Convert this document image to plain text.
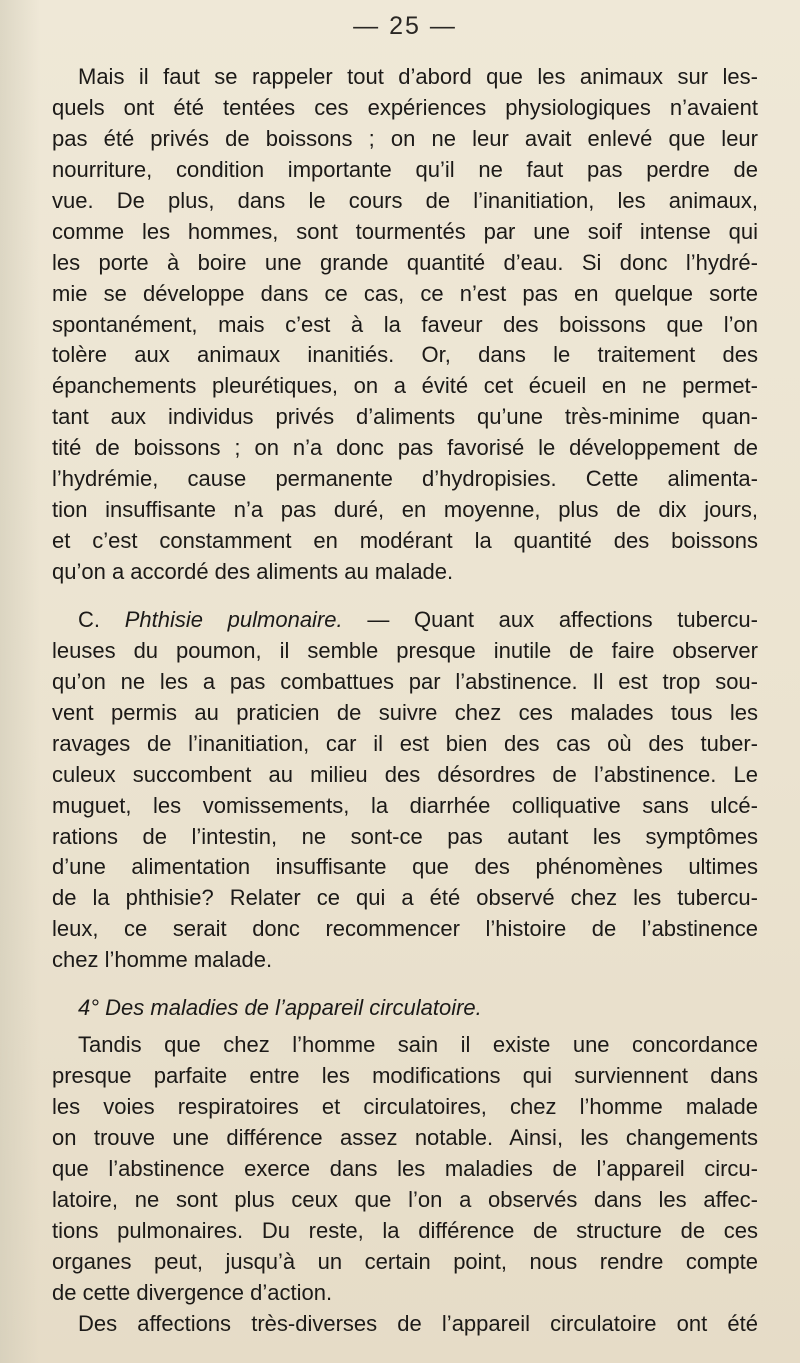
— 25 —
Mais il faut se rappeler tout d’abord que les animaux sur les-
quels ont été tentées ces expériences physiologiques n’avaient
pas été privés de boissons ; on ne leur avait enlevé que leur
nourriture, condition importante qu’il ne faut pas perdre de
vue. De plus, dans le cours de l’inanitiation, les animaux,
comme les hommes, sont tourmentés par une soif intense qui
les porte à boire une grande quantité d’eau. Si donc l’hydré-
mie se développe dans ce cas, ce n’est pas en quelque sorte
spontanément, mais c’est à la faveur des boissons que l’on
tolère aux animaux inanitiés. Or, dans le traitement des
épanchements pleurétiques, on a évité cet écueil en ne permet-
tant aux individus privés d’aliments qu’une très-minime quan-
tité de boissons ; on n’a donc pas favorisé le développement de
l’hydrémie, cause permanente d’hydropisies. Cette alimenta-
tion insuffisante n’a pas duré, en moyenne, plus de dix jours,
et c’est constamment en modérant la quantité des boissons
qu’on a accordé des aliments au malade.
C. Phthisie pulmonaire. — Quant aux affections tubercu-
leuses du poumon, il semble presque inutile de faire observer
qu’on ne les a pas combattues par l’abstinence. Il est trop sou-
vent permis au praticien de suivre chez ces malades tous les
ravages de l’inanitiation, car il est bien des cas où des tuber-
culeux succombent au milieu des désordres de l’abstinence. Le
muguet, les vomissements, la diarrhée colliquative sans ulcé-
rations de l’intestin, ne sont-ce pas autant les symptômes
d’une alimentation insuffisante que des phénomènes ultimes
de la phthisie? Relater ce qui a été observé chez les tubercu-
leux, ce serait donc recommencer l’histoire de l’abstinence
chez l’homme malade.
4° Des maladies de l’appareil circulatoire.
Tandis que chez l’homme sain il existe une concordance
presque parfaite entre les modifications qui surviennent dans
les voies respiratoires et circulatoires, chez l’homme malade
on trouve une différence assez notable. Ainsi, les changements
que l’abstinence exerce dans les maladies de l’appareil circu-
latoire, ne sont plus ceux que l’on a observés dans les affec-
tions pulmonaires. Du reste, la différence de structure de ces
organes peut, jusqu’à un certain point, nous rendre compte
de cette divergence d’action.
Des affections très-diverses de l’appareil circulatoire ont été
